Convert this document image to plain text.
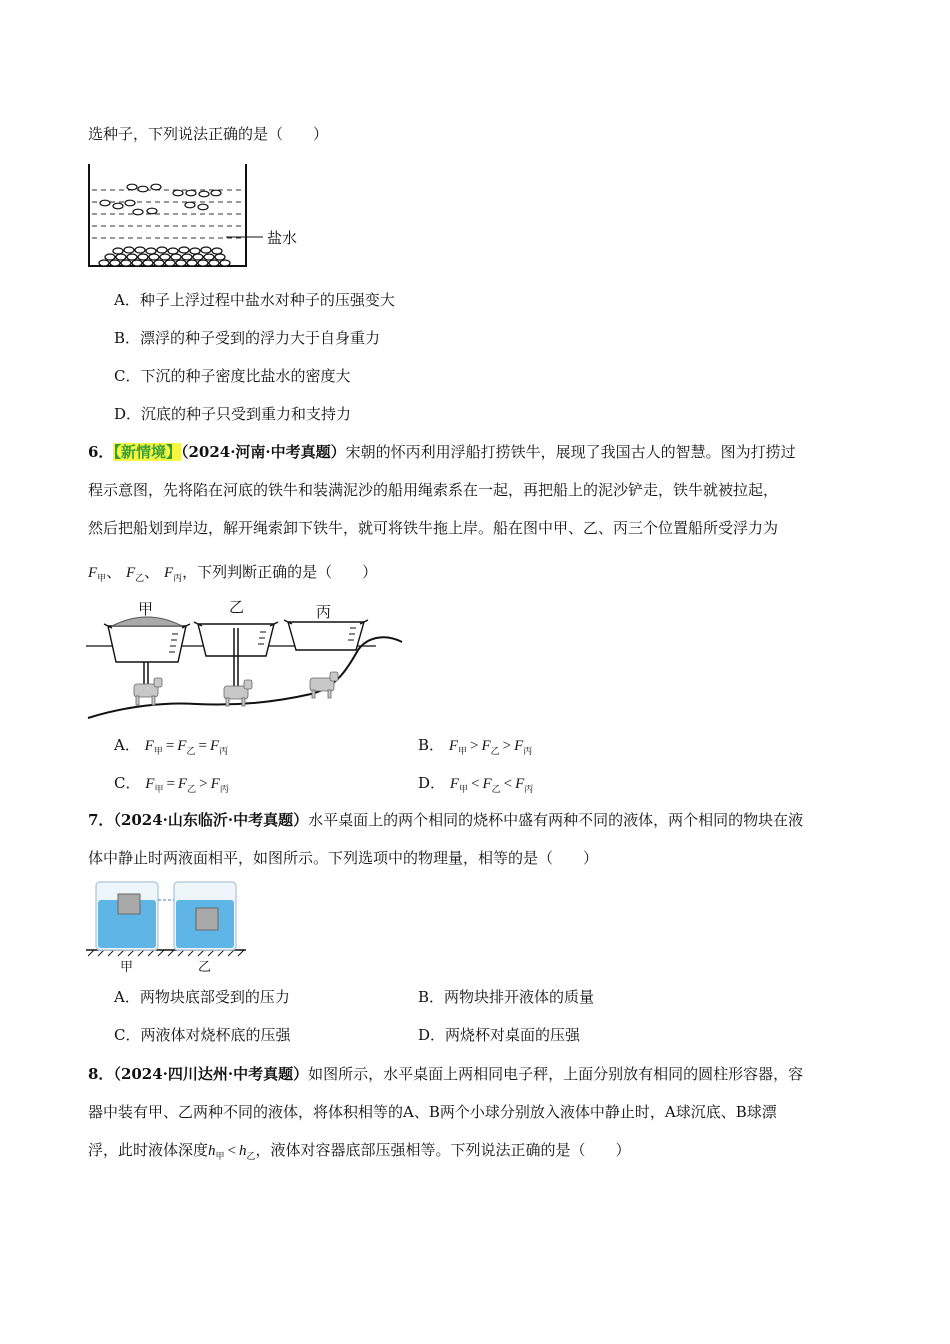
选种子，下列说法正确的是（　　）
盐水
A．种子上浮过程中盐水对种子的压强变大
B．漂浮的种子受到的浮力大于自身重力
C．下沉的种子密度比盐水的密度大
D．沉底的种子只受到重力和支持力
6．【新情境】（2024·河南·中考真题）宋朝的怀丙利用浮船打捞铁牛，展现了我国古人的智慧。图为打捞过
程示意图，先将陷在河底的铁牛和装满泥沙的船用绳索系在一起，再把船上的泥沙铲走，铁牛就被拉起，
然后把船划到岸边，解开绳索卸下铁牛，就可将铁牛拖上岸。船在图中甲、乙、丙三个位置船所受浮力为
$F_甲$、 $F_乙$、 $F_丙$，下列判断正确的是（　　）
甲	乙	丙
A． $F_甲 = F_乙 = F_丙$	B． $F_甲 > F_乙 > F_丙$
C． $F_甲 = F_乙 > F_丙$	D． $F_甲 < F_乙 < F_丙$
7．（2024·山东临沂·中考真题）水平桌面上的两个相同的烧杯中盛有两种不同的液体，两个相同的物块在液
体中静止时两液面相平，如图所示。下列选项中的物理量，相等的是（　　）
甲	乙
A．两物块底部受到的压力	B．两物块排开液体的质量
C．两液体对烧杯底的压强	D．两烧杯对桌面的压强
8．（2024·四川达州·中考真题）如图所示，水平桌面上两相同电子秤，上面分别放有相同的圆柱形容器，容
器中装有甲、乙两种不同的液体，将体积相等的A、B两个小球分别放入液体中静止时，A球沉底、B球漂
浮，此时液体深度$h_甲 < h_乙$，液体对容器底部压强相等。下列说法正确的是（　　）
